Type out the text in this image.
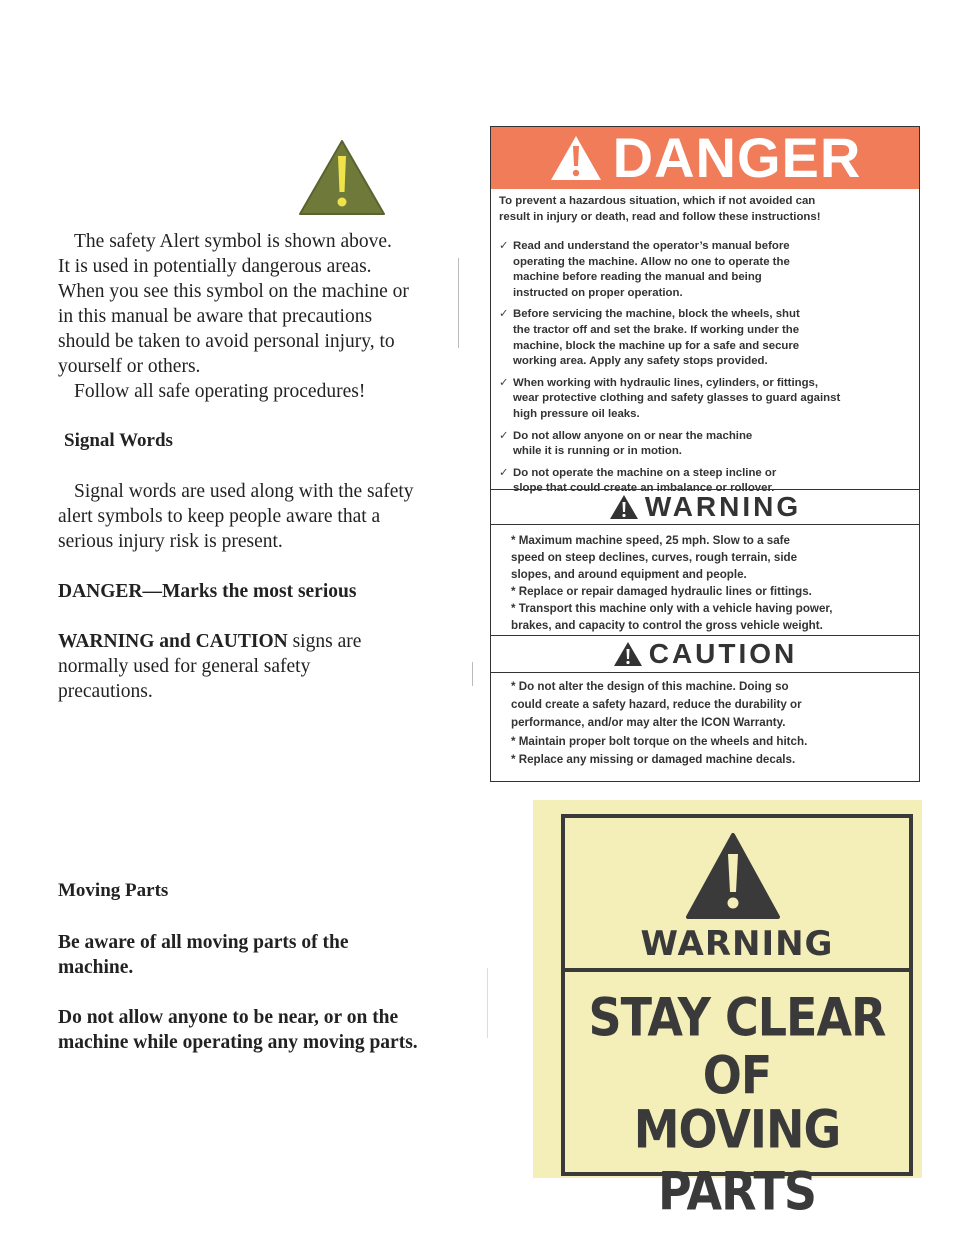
The safety Alert symbol is shown above.

It is used in potentially dangerous areas.

When you see this symbol on the machine or

in this manual be aware that precautions

should be taken to avoid personal injury, to

yourself or others.

Follow all safe operating procedures!

Signal Words

Signal words are used along with the safety

alert symbols to keep people aware that a

serious injury risk is present.

DANGER—Marks the most serious

WARNING and CAUTION signs are

normally used for general safety

precautions.

Moving Parts

Be aware of all moving parts of the

machine.

Do not allow anyone to be near, or on the

machine while operating any moving parts.

DANGER
To prevent a hazardous situation, which if not avoided can
result in injury or death, read and follow these instructions!
✓ Read and understand the operator’s manual before
operating the machine. Allow no one to operate the
machine before reading the manual and being
instructed on proper operation.
✓ Before servicing the machine, block the wheels, shut
the tractor off and set the brake. If working under the
machine, block the machine up for a safe and secure
working area. Apply any safety stops provided.
✓ When working with hydraulic lines, cylinders, or fittings,
wear protective clothing and safety glasses to guard against
high pressure oil leaks.
✓ Do not allow anyone on or near the machine
while it is running or in motion.
✓ Do not operate the machine on a steep incline or
slope that could create an imbalance or rollover.
WARNING
* Maximum machine speed, 25 mph. Slow to a safe
speed on steep declines, curves, rough terrain, side
slopes, and around equipment and people.
* Replace or repair damaged hydraulic lines or fittings.
* Transport this machine only with a vehicle having power,
brakes, and capacity to control the gross vehicle weight.
CAUTION
* Do not alter the design of this machine. Doing so
could create a safety hazard, reduce the durability or
performance, and/or may alter the ICON Warranty.
* Maintain proper bolt torque on the wheels and hitch.
* Replace any missing or damaged machine decals.
WARNING
STAY CLEAR
OF
MOVING PARTS
